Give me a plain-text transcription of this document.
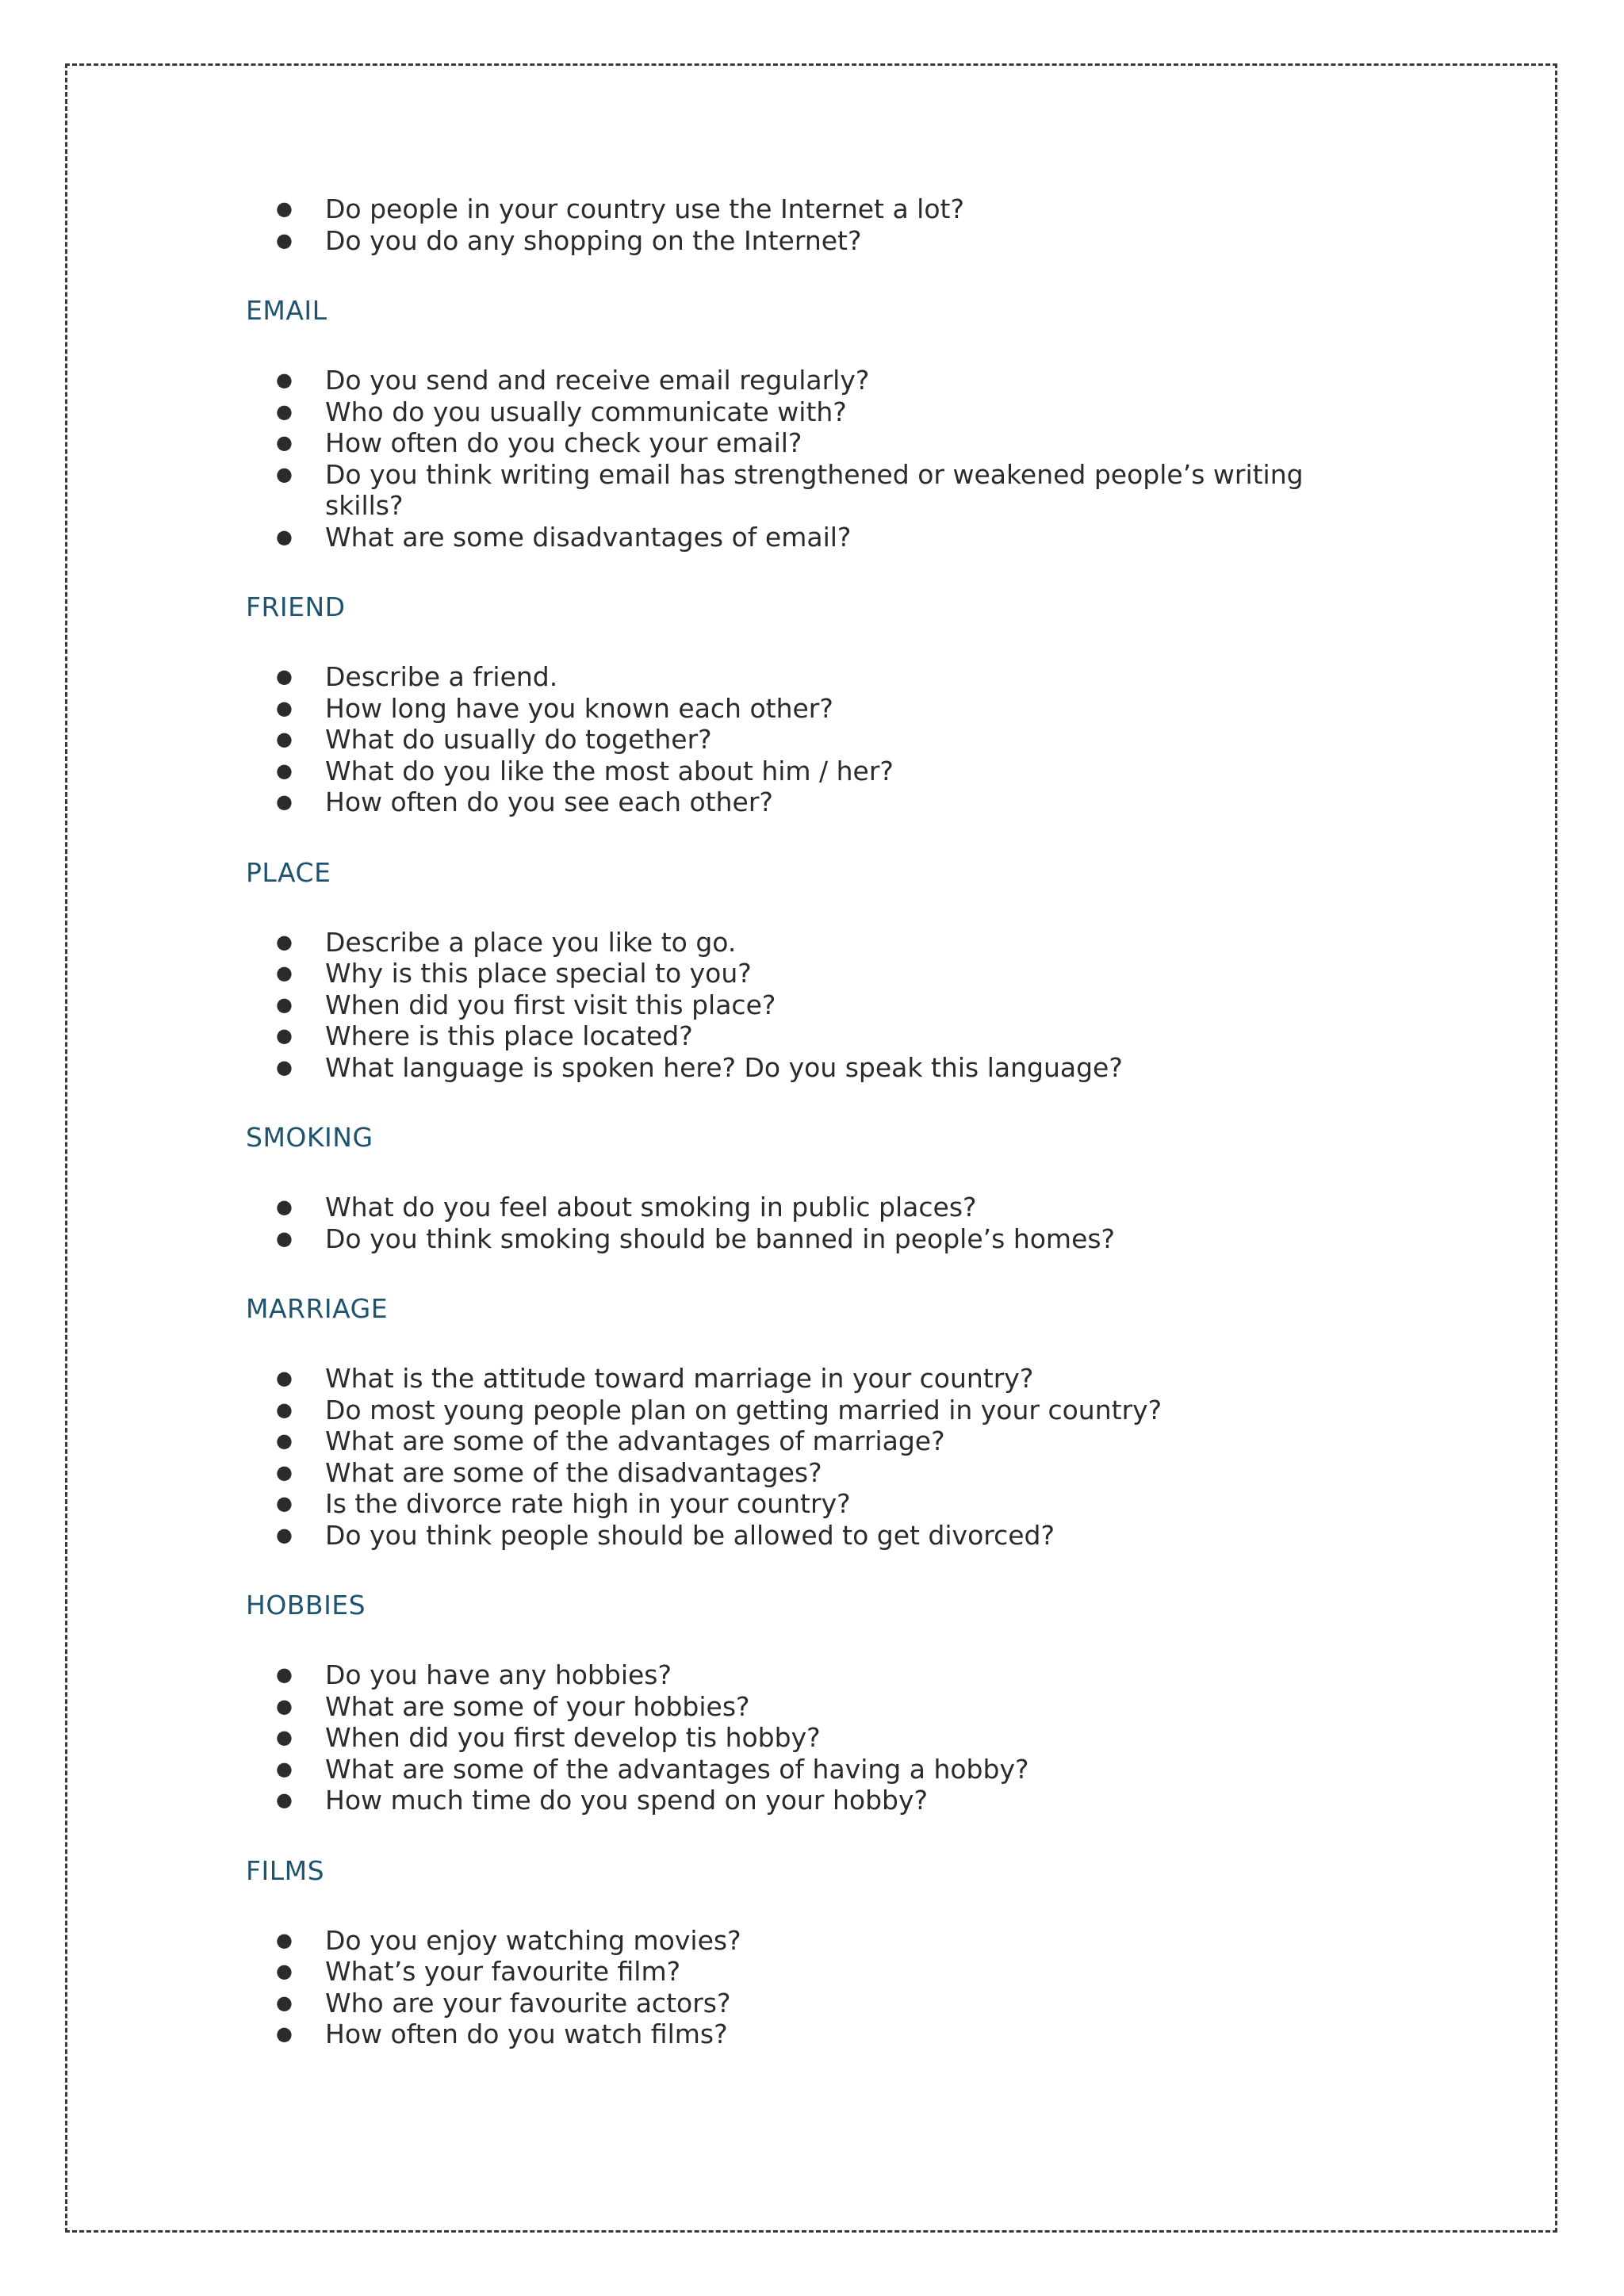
● Do people in your country use the Internet a lot?
● Do you do any shopping on the Internet?
EMAIL
● Do you send and receive email regularly?
● Who do you usually communicate with?
● How often do you check your email?
● Do you think writing email has strengthened or weakened people’s writing skills?
● What are some disadvantages of email?
FRIEND
● Describe a friend.
● How long have you known each other?
● What do usually do together?
● What do you like the most about him / her?
● How often do you see each other?
PLACE
● Describe a place you like to go.
● Why is this place special to you?
● When did you first visit this place?
● Where is this place located?
● What language is spoken here? Do you speak this language?
SMOKING
● What do you feel about smoking in public places?
● Do you think smoking should be banned in people’s homes?
MARRIAGE
● What is the attitude toward marriage in your country?
● Do most young people plan on getting married in your country?
● What are some of the advantages of marriage?
● What are some of the disadvantages?
● Is the divorce rate high in your country?
● Do you think people should be allowed to get divorced?
HOBBIES
● Do you have any hobbies?
● What are some of your hobbies?
● When did you first develop tis hobby?
● What are some of the advantages of having a hobby?
● How much time do you spend on your hobby?
FILMS
● Do you enjoy watching movies?
● What’s your favourite film?
● Who are your favourite actors?
● How often do you watch films?
